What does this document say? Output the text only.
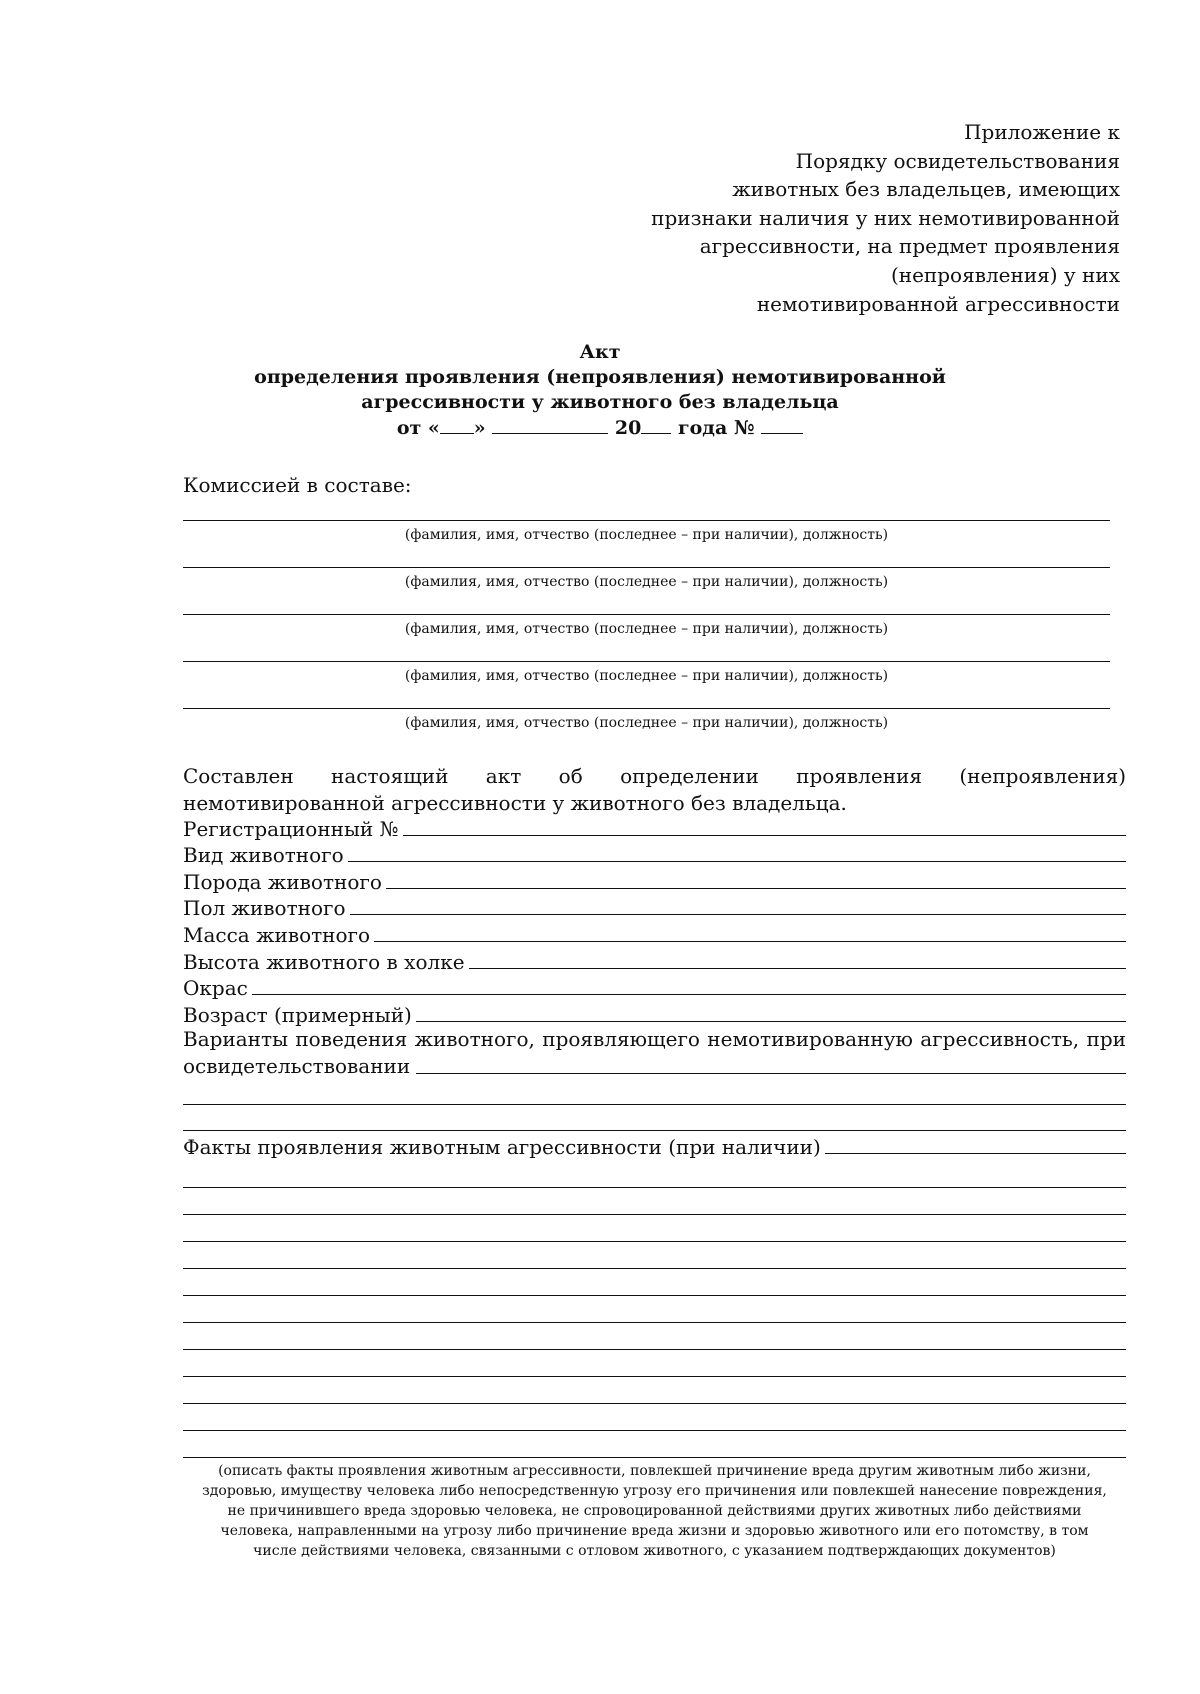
Приложение к
Порядку освидетельствования
животных без владельцев, имеющих
признаки наличия у них немотивированной
агрессивности, на предмет проявления
(непроявления) у них
немотивированной агрессивности
Акт
определения проявления (непроявления) немотивированной
агрессивности у животного без владельца
от « »	20 года №
Комиссией в составе:
(фамилия, имя, отчество (последнее – при наличии), должность)
(фамилия, имя, отчество (последнее – при наличии), должность)
(фамилия, имя, отчество (последнее – при наличии), должность)
(фамилия, имя, отчество (последнее – при наличии), должность)
(фамилия, имя, отчество (последнее – при наличии), должность)
Составлен настоящий акт об определении проявления (непроявления) немотивированной агрессивности у животного без владельца.
Регистрационный №
Вид животного
Порода животного
Пол животного
Масса животного
Высота животного в холке
Окрас
Возраст (примерный)
Варианты поведения животного, проявляющего немотивированную агрессивность, при
освидетельствовании
Факты проявления животным агрессивности (при наличии)
(описать факты проявления животным агрессивности, повлекшей причинение вреда другим животным либо жизни,
здоровью, имуществу человека либо непосредственную угрозу его причинения или повлекшей нанесение повреждения,
не причинившего вреда здоровью человека, не спровоцированной действиями других животных либо действиями
человека, направленными на угрозу либо причинение вреда жизни и здоровью животного или его потомству, в том
числе действиями человека, связанными с отловом животного, с указанием подтверждающих документов)
